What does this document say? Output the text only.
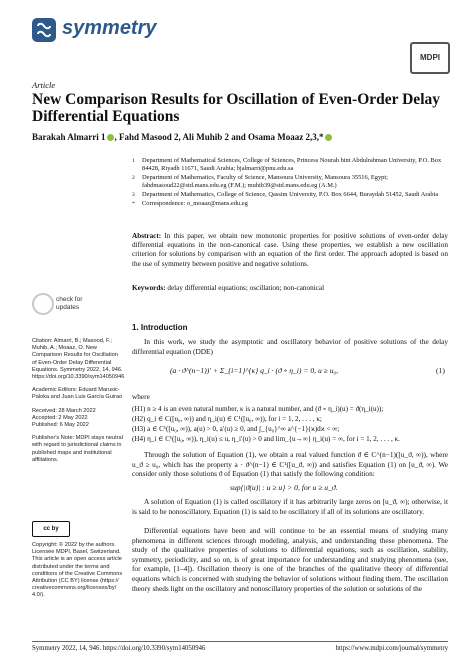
symmetry
MDPI
Article
New Comparison Results for Oscillation of Even-Order Delay Differential Equations
Barakah Almarri 1 , Fahd Masood 2, Ali Muhib 2 and Osama Moaaz 2,3,*
1	Department of Mathematical Sciences, College of Sciences, Princess Nourah bint Abdulrahman University, P.O. Box 84428, Riyadh 11671, Saudi Arabia; bjalmarri@pnu.edu.sa
2	Department of Mathematics, Faculty of Science, Mansoura University, Mansoura 35516, Egypt; fahdmasoud22@std.mans.edu.eg (F.M.); muhib39@std.mans.edu.eg (A.M.)
3	Department of Mathematics, College of Science, Qassim University, P.O. Box 6644, Buraydah 51452, Saudi Arabia
*	Correspondence: o_moaaz@mans.edu.eg
Abstract: In this paper, we obtain new monotonic properties for positive solutions of even-order delay differential equations in the non-canonical case. Using these properties, we establish a new oscillation criterion for solutions by comparison with an equation of the first order. The approach adopted is based on the use of symmetry between positive and negative solutions.
Keywords: delay differential equations; oscillation; non-canonical
check for updates

Citation: Almarri, B.; Masood, F.; Muhib, A.; Moaaz, O. New Comparison Results for Oscillation of Even-Order Delay Differential Equations. Symmetry 2022, 14, 946. https://doi.org/10.3390/sym14050946

Academic Editors: Eduard Marusic-Paloka and Juan Luis García Guirao

Received: 28 March 2022

Accepted: 2 May 2022

Published: 6 May 2022

Publisher's Note: MDPI stays neutral with regard to jurisdictional claims in published maps and institutional affiliations.

cc by
Copyright: © 2022 by the authors. Licensee MDPI, Basel, Switzerland. This article is an open access article distributed under the terms and conditions of the Creative Commons Attribution (CC BY) license (https:// creativecommons.org/licenses/by/ 4.0/).
1. Introduction
In this work, we study the asymptotic and oscillatory behavior of positive solutions of the delay differential equation (DDE)
(a · ϑ^(n−1))′ + Σ_{i=1}^{κ} q_i · (ϑ ∘ η_i) = 0, u ≥ u₀,	(1)
where
(H1) n ≥ 4 is an even natural number, κ is a natural number, and (ϑ ∘ η_i)(u) = ϑ(η_i(u));
(H2) q_i ∈ C([u₀, ∞)) and η_i(u) ∈ C¹([u₀, ∞)), for i = 1, 2, . . . , κ;
(H3) a ∈ C¹([u₀, ∞)), a(u) > 0, a′(u) ≥ 0, and ∫_{u₀}^∞ a^{−1}(ϰ)dϰ < ∞;
(H4) η_i ∈ C¹([u₀, ∞)), η_i(u) ≤ u, η_i′(u) > 0 and lim_{u→∞} η_i(u) = ∞, for i = 1, 2, . . . , κ.
Through the solution of Equation (1), we obtain a real valued function ϑ ∈ C^(n−1)([u_ϑ, ∞)), where u_ϑ ≥ u₀, which has the property a · ϑ^(n−1) ∈ C¹([u_ϑ, ∞)) and satisfies Equation (1) on [u_ϑ, ∞). We consider only those solutions ϑ of Equation (1) that satisfy the following condition:
sup{|ϑ(u)| : u ≥ u} > 0, for u ≥ u_ϑ.
A solution of Equation (1) is called oscillatory if it has arbitrarily large zeros on [u_ϑ, ∞); otherwise, it is said to be nonoscillatory. Equation (1) is said to be oscillatory if all of its solutions are oscillatory.
Differential equations have been and will continue to be an essential means of studying many phenomena in different sciences through modeling, analysis, and understanding these phenomena. The study of the qualitative properties of solutions to differential equations, such as oscillation, stability, symmetry, periodicity, and so on, is of great importance for understanding and studying phenomena (see, for example, [1–4]). Oscillation theory is one of the branches of the qualitative theory of differential equations which is concerned with studying the behavior of solutions without finding them. The oscillation theory sheds light on the oscillatory and nonoscillatory properties of the solution or solutions of the
Symmetry 2022, 14, 946. https://doi.org/10.3390/sym14050946	https://www.mdpi.com/journal/symmetry
